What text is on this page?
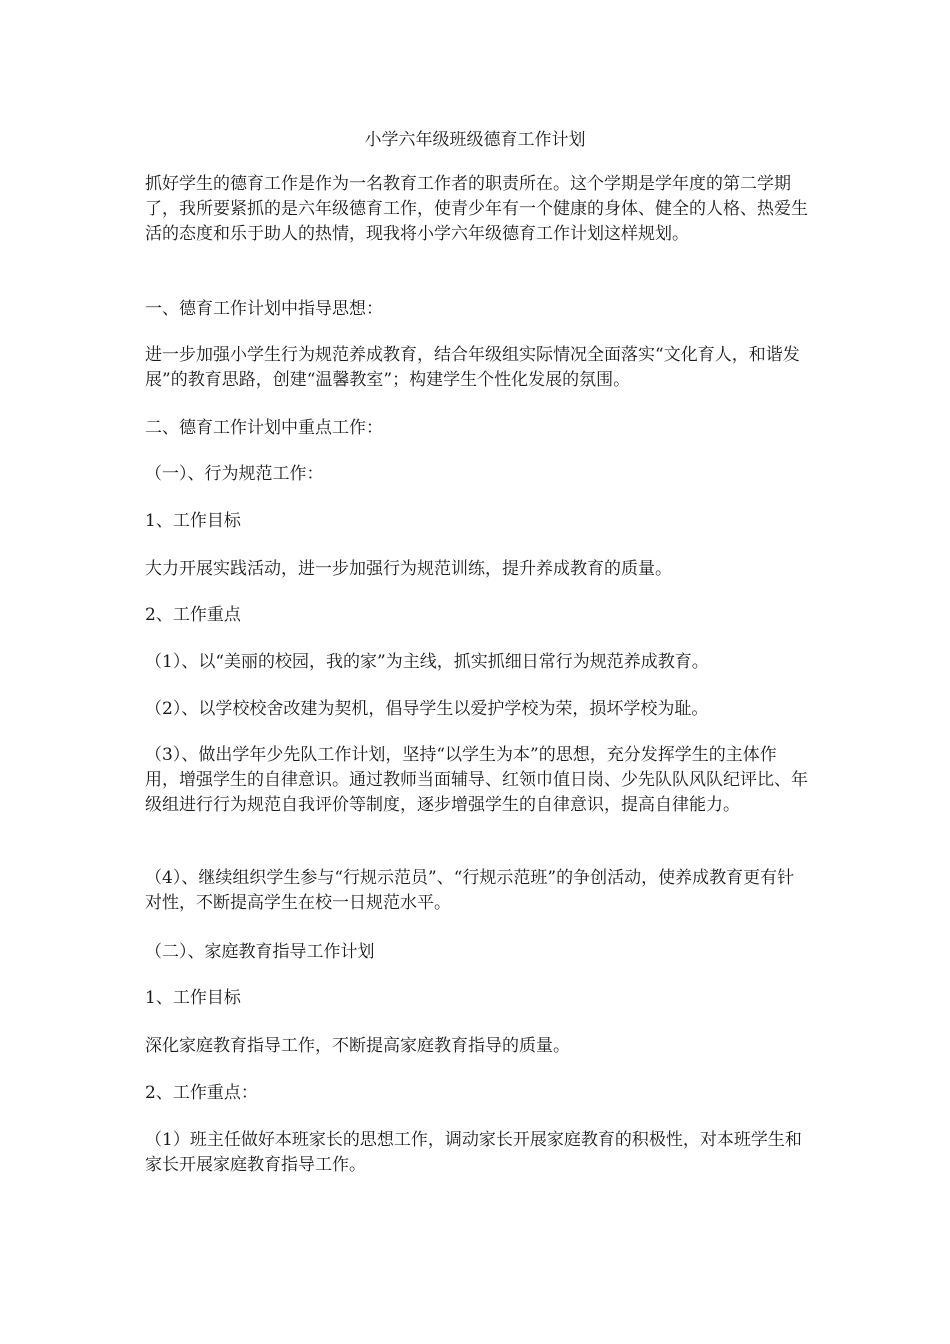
小学六年级班级德育工作计划

抓好学生的德育工作是作为一名教育工作者的职责所在。这个学期是学年度的第二学期了，我所要紧抓的是六年级德育工作，使青少年有一个健康的身体、健全的人格、热爱生活的态度和乐于助人的热情，现我将小学六年级德育工作计划这样规划。

一、德育工作计划中指导思想：

进一步加强小学生行为规范养成教育，结合年级组实际情况全面落实“文化育人，和谐发展”的教育思路，创建“温馨教室”；构建学生个性化发展的氛围。

二、德育工作计划中重点工作：

（一）、行为规范工作：

1、工作目标

大力开展实践活动，进一步加强行为规范训练，提升养成教育的质量。

2、工作重点

（1）、以“美丽的校园，我的家”为主线，抓实抓细日常行为规范养成教育。

（2）、以学校校舍改建为契机，倡导学生以爱护学校为荣，损坏学校为耻。

（3）、做出学年少先队工作计划，坚持“以学生为本”的思想，充分发挥学生的主体作用，增强学生的自律意识。通过教师当面辅导、红领巾值日岗、少先队队风队纪评比、年级组进行行为规范自我评价等制度，逐步增强学生的自律意识，提高自律能力。

（4）、继续组织学生参与“行规示范员”、“行规示范班”的争创活动，使养成教育更有针对性，不断提高学生在校一日规范水平。

（二）、家庭教育指导工作计划

1、工作目标

深化家庭教育指导工作，不断提高家庭教育指导的质量。

2、工作重点：

（1）班主任做好本班家长的思想工作，调动家长开展家庭教育的积极性，对本班学生和家长开展家庭教育指导工作。
